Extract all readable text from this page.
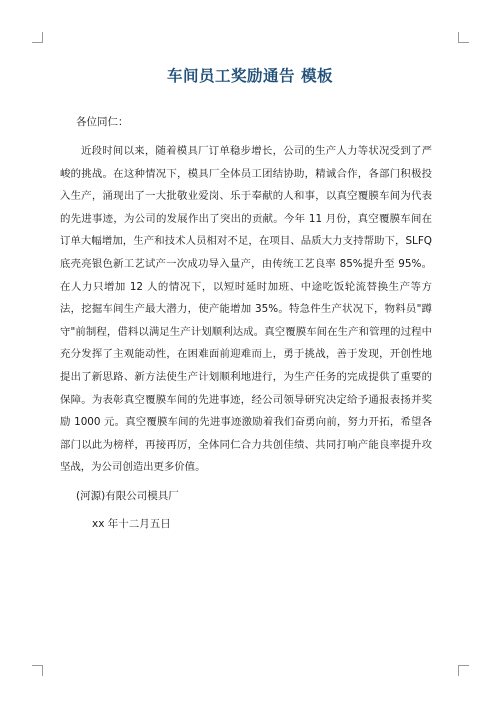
车间员工奖励通告 模板
各位同仁：

近段时间以来，随着模具厂订单稳步增长，公司的生产人力等状况受到了严峻的挑战。在这种情况下，模具厂全体员工团结协助，精诚合作，各部门积极投入生产，涌现出了一大批敬业爱岗、乐于奉献的人和事，以真空覆膜车间为代表的先进事迹，为公司的发展作出了突出的贡献。今年 11 月份，真空覆膜车间在订单大幅增加，生产和技术人员相对不足，在项目、品质大力支持帮助下，SLFQ 底壳亮银色新工艺试产一次成功导入量产，由传统工艺良率 85%提升至 95%。在人力只增加 12 人的情况下，以短时延时加班、中途吃饭轮流替换生产等方法，挖掘车间生产最大潜力，使产能增加 35%。特急件生产状况下，物料员"蹲守"前制程，借料以满足生产计划顺利达成。真空覆膜车间在生产和管理的过程中充分发挥了主观能动性，在困难面前迎难而上，勇于挑战，善于发现，开创性地提出了新思路、新方法使生产计划顺利地进行，为生产任务的完成提供了重要的保障。为表彰真空覆膜车间的先进事迹，经公司领导研究决定给予通报表扬并奖励 1000 元。真空覆膜车间的先进事迹激励着我们奋勇向前，努力开拓，希望各部门以此为榜样，再接再厉，全体同仁合力共创佳绩、共同打响产能良率提升攻坚战，为公司创造出更多价值。

(河源)有限公司模具厂
xx 年十二月五日
